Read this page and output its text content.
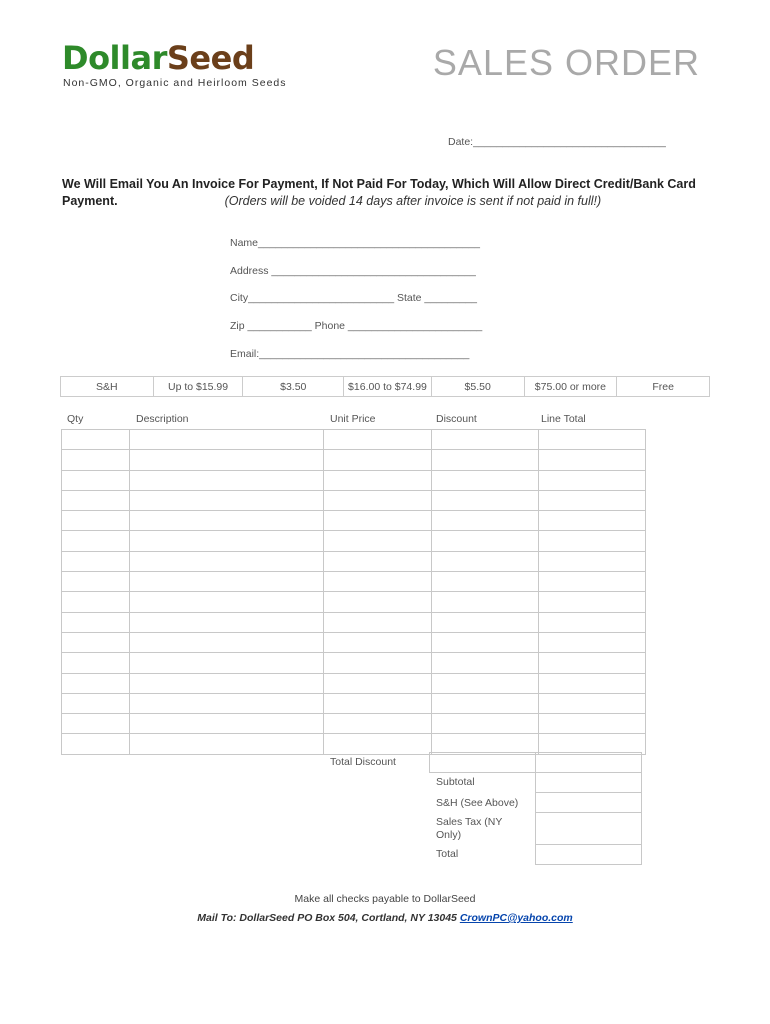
DollarSeed
Non-GMO, Organic and Heirloom Seeds	SALES ORDER
Date:_________________________________
We Will Email You An Invoice For Payment, If Not Paid For Today, Which Will Allow Direct Credit/Bank Card Payment.	(Orders will be voided 14 days after invoice is sent if not paid in full!)
Name______________________________________
Address ___________________________________
City_________________________ State _________
Zip ___________ Phone _______________________
Email:____________________________________
S&H	Up to $15.99	$3.50	$16.00 to $74.99	$5.50	$75.00 or more	Free
Qty	Description	Unit Price	Discount	Line Total

Total Discount
Subtotal
S&H (See Above)
Sales Tax (NY Only)
Total
Make all checks payable to DollarSeed
Mail To: DollarSeed PO Box 504, Cortland, NY 13045 CrownPC@yahoo.com
